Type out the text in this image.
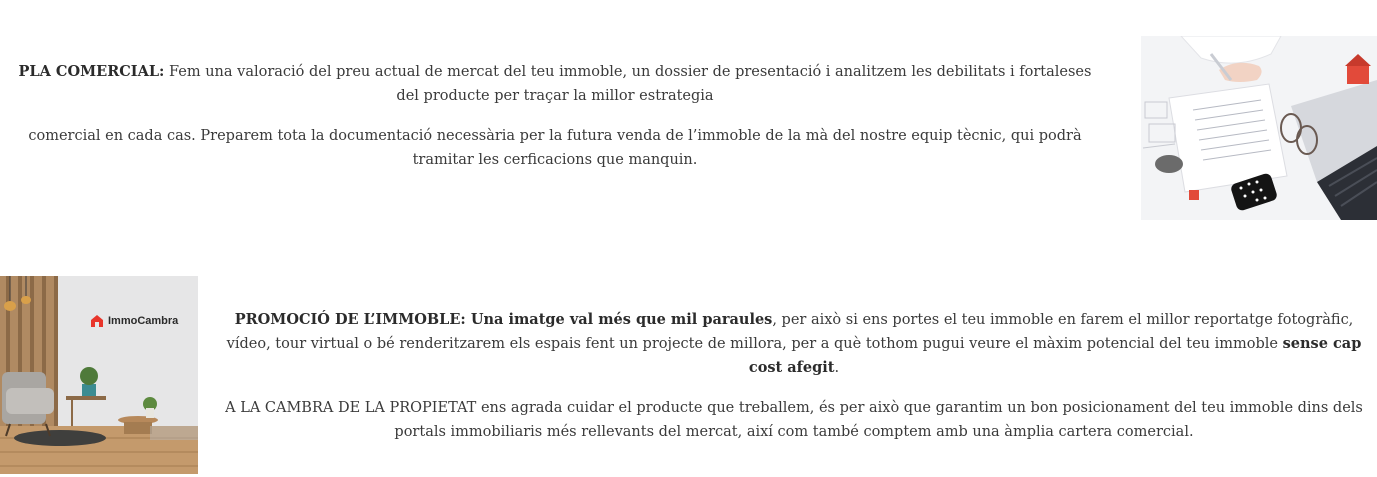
PLA COMERCIAL: Fem una valoració del preu actual de mercat del teu immoble, un dossier de presentació i analitzem les debilitats i fortaleses del producte per traçar la millor estrategia

comercial en cada cas. Preparem tota la documentació necessària per la futura venda de l’immoble de la mà del nostre equip tècnic, qui podrà tramitar les cerficacions que manquin.

ImmoCambra	PROMOCIÓ DE L’IMMOBLE: Una imatge val més que mil paraules, per això si ens portes el teu immoble en farem el millor reportatge fotogràfic, vídeo, tour virtual o bé renderitzarem els espais fent un projecte de millora, per a què tothom pugui veure el màxim potencial del teu immoble sense cap cost afegit.

A LA CAMBRA DE LA PROPIETAT ens agrada cuidar el producte que treballem, és per això que garantim un bon posicionament del teu immoble dins dels portals immobiliaris més rellevants del mercat, així com també comptem amb una àmplia cartera comercial.
